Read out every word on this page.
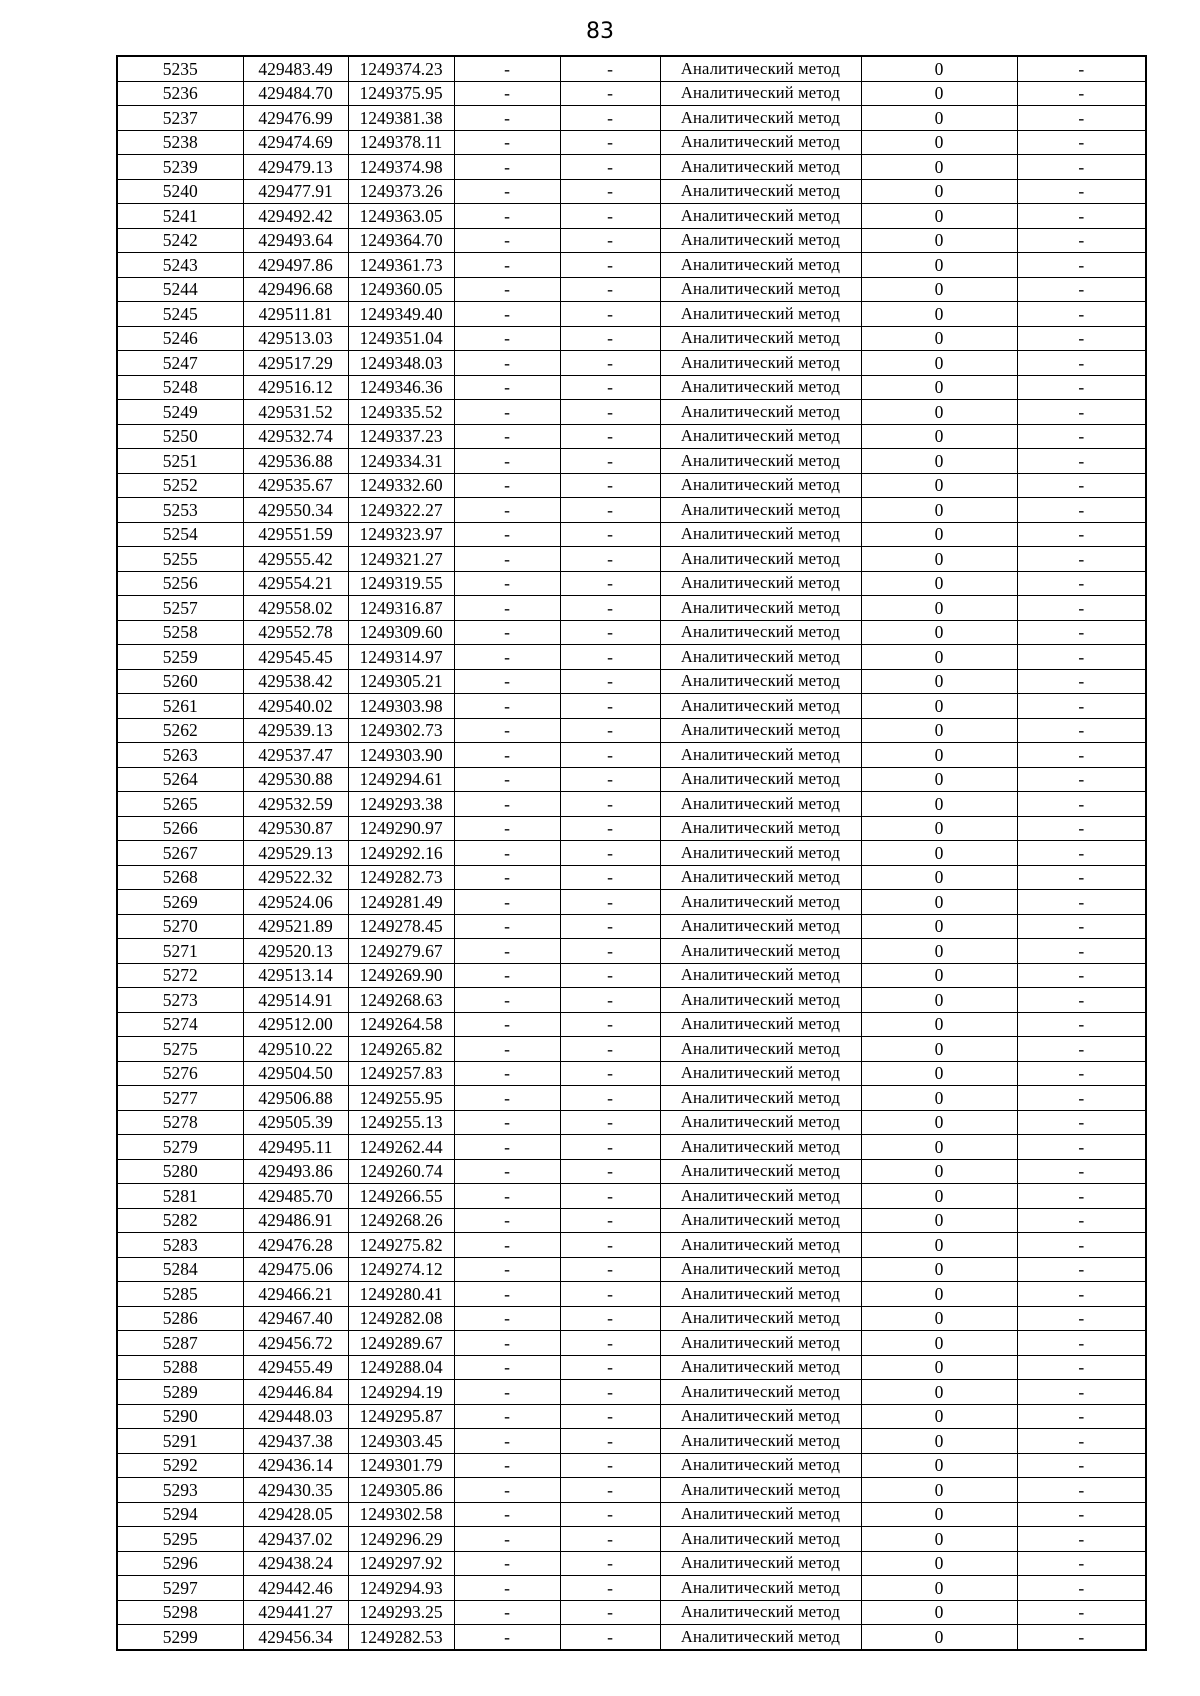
83
5235	429483.49	1249374.23	-	-	Аналитический метод	0	-
5236	429484.70	1249375.95	-	-	Аналитический метод	0	-
5237	429476.99	1249381.38	-	-	Аналитический метод	0	-
5238	429474.69	1249378.11	-	-	Аналитический метод	0	-
5239	429479.13	1249374.98	-	-	Аналитический метод	0	-
5240	429477.91	1249373.26	-	-	Аналитический метод	0	-
5241	429492.42	1249363.05	-	-	Аналитический метод	0	-
5242	429493.64	1249364.70	-	-	Аналитический метод	0	-
5243	429497.86	1249361.73	-	-	Аналитический метод	0	-
5244	429496.68	1249360.05	-	-	Аналитический метод	0	-
5245	429511.81	1249349.40	-	-	Аналитический метод	0	-
5246	429513.03	1249351.04	-	-	Аналитический метод	0	-
5247	429517.29	1249348.03	-	-	Аналитический метод	0	-
5248	429516.12	1249346.36	-	-	Аналитический метод	0	-
5249	429531.52	1249335.52	-	-	Аналитический метод	0	-
5250	429532.74	1249337.23	-	-	Аналитический метод	0	-
5251	429536.88	1249334.31	-	-	Аналитический метод	0	-
5252	429535.67	1249332.60	-	-	Аналитический метод	0	-
5253	429550.34	1249322.27	-	-	Аналитический метод	0	-
5254	429551.59	1249323.97	-	-	Аналитический метод	0	-
5255	429555.42	1249321.27	-	-	Аналитический метод	0	-
5256	429554.21	1249319.55	-	-	Аналитический метод	0	-
5257	429558.02	1249316.87	-	-	Аналитический метод	0	-
5258	429552.78	1249309.60	-	-	Аналитический метод	0	-
5259	429545.45	1249314.97	-	-	Аналитический метод	0	-
5260	429538.42	1249305.21	-	-	Аналитический метод	0	-
5261	429540.02	1249303.98	-	-	Аналитический метод	0	-
5262	429539.13	1249302.73	-	-	Аналитический метод	0	-
5263	429537.47	1249303.90	-	-	Аналитический метод	0	-
5264	429530.88	1249294.61	-	-	Аналитический метод	0	-
5265	429532.59	1249293.38	-	-	Аналитический метод	0	-
5266	429530.87	1249290.97	-	-	Аналитический метод	0	-
5267	429529.13	1249292.16	-	-	Аналитический метод	0	-
5268	429522.32	1249282.73	-	-	Аналитический метод	0	-
5269	429524.06	1249281.49	-	-	Аналитический метод	0	-
5270	429521.89	1249278.45	-	-	Аналитический метод	0	-
5271	429520.13	1249279.67	-	-	Аналитический метод	0	-
5272	429513.14	1249269.90	-	-	Аналитический метод	0	-
5273	429514.91	1249268.63	-	-	Аналитический метод	0	-
5274	429512.00	1249264.58	-	-	Аналитический метод	0	-
5275	429510.22	1249265.82	-	-	Аналитический метод	0	-
5276	429504.50	1249257.83	-	-	Аналитический метод	0	-
5277	429506.88	1249255.95	-	-	Аналитический метод	0	-
5278	429505.39	1249255.13	-	-	Аналитический метод	0	-
5279	429495.11	1249262.44	-	-	Аналитический метод	0	-
5280	429493.86	1249260.74	-	-	Аналитический метод	0	-
5281	429485.70	1249266.55	-	-	Аналитический метод	0	-
5282	429486.91	1249268.26	-	-	Аналитический метод	0	-
5283	429476.28	1249275.82	-	-	Аналитический метод	0	-
5284	429475.06	1249274.12	-	-	Аналитический метод	0	-
5285	429466.21	1249280.41	-	-	Аналитический метод	0	-
5286	429467.40	1249282.08	-	-	Аналитический метод	0	-
5287	429456.72	1249289.67	-	-	Аналитический метод	0	-
5288	429455.49	1249288.04	-	-	Аналитический метод	0	-
5289	429446.84	1249294.19	-	-	Аналитический метод	0	-
5290	429448.03	1249295.87	-	-	Аналитический метод	0	-
5291	429437.38	1249303.45	-	-	Аналитический метод	0	-
5292	429436.14	1249301.79	-	-	Аналитический метод	0	-
5293	429430.35	1249305.86	-	-	Аналитический метод	0	-
5294	429428.05	1249302.58	-	-	Аналитический метод	0	-
5295	429437.02	1249296.29	-	-	Аналитический метод	0	-
5296	429438.24	1249297.92	-	-	Аналитический метод	0	-
5297	429442.46	1249294.93	-	-	Аналитический метод	0	-
5298	429441.27	1249293.25	-	-	Аналитический метод	0	-
5299	429456.34	1249282.53	-	-	Аналитический метод	0	-
